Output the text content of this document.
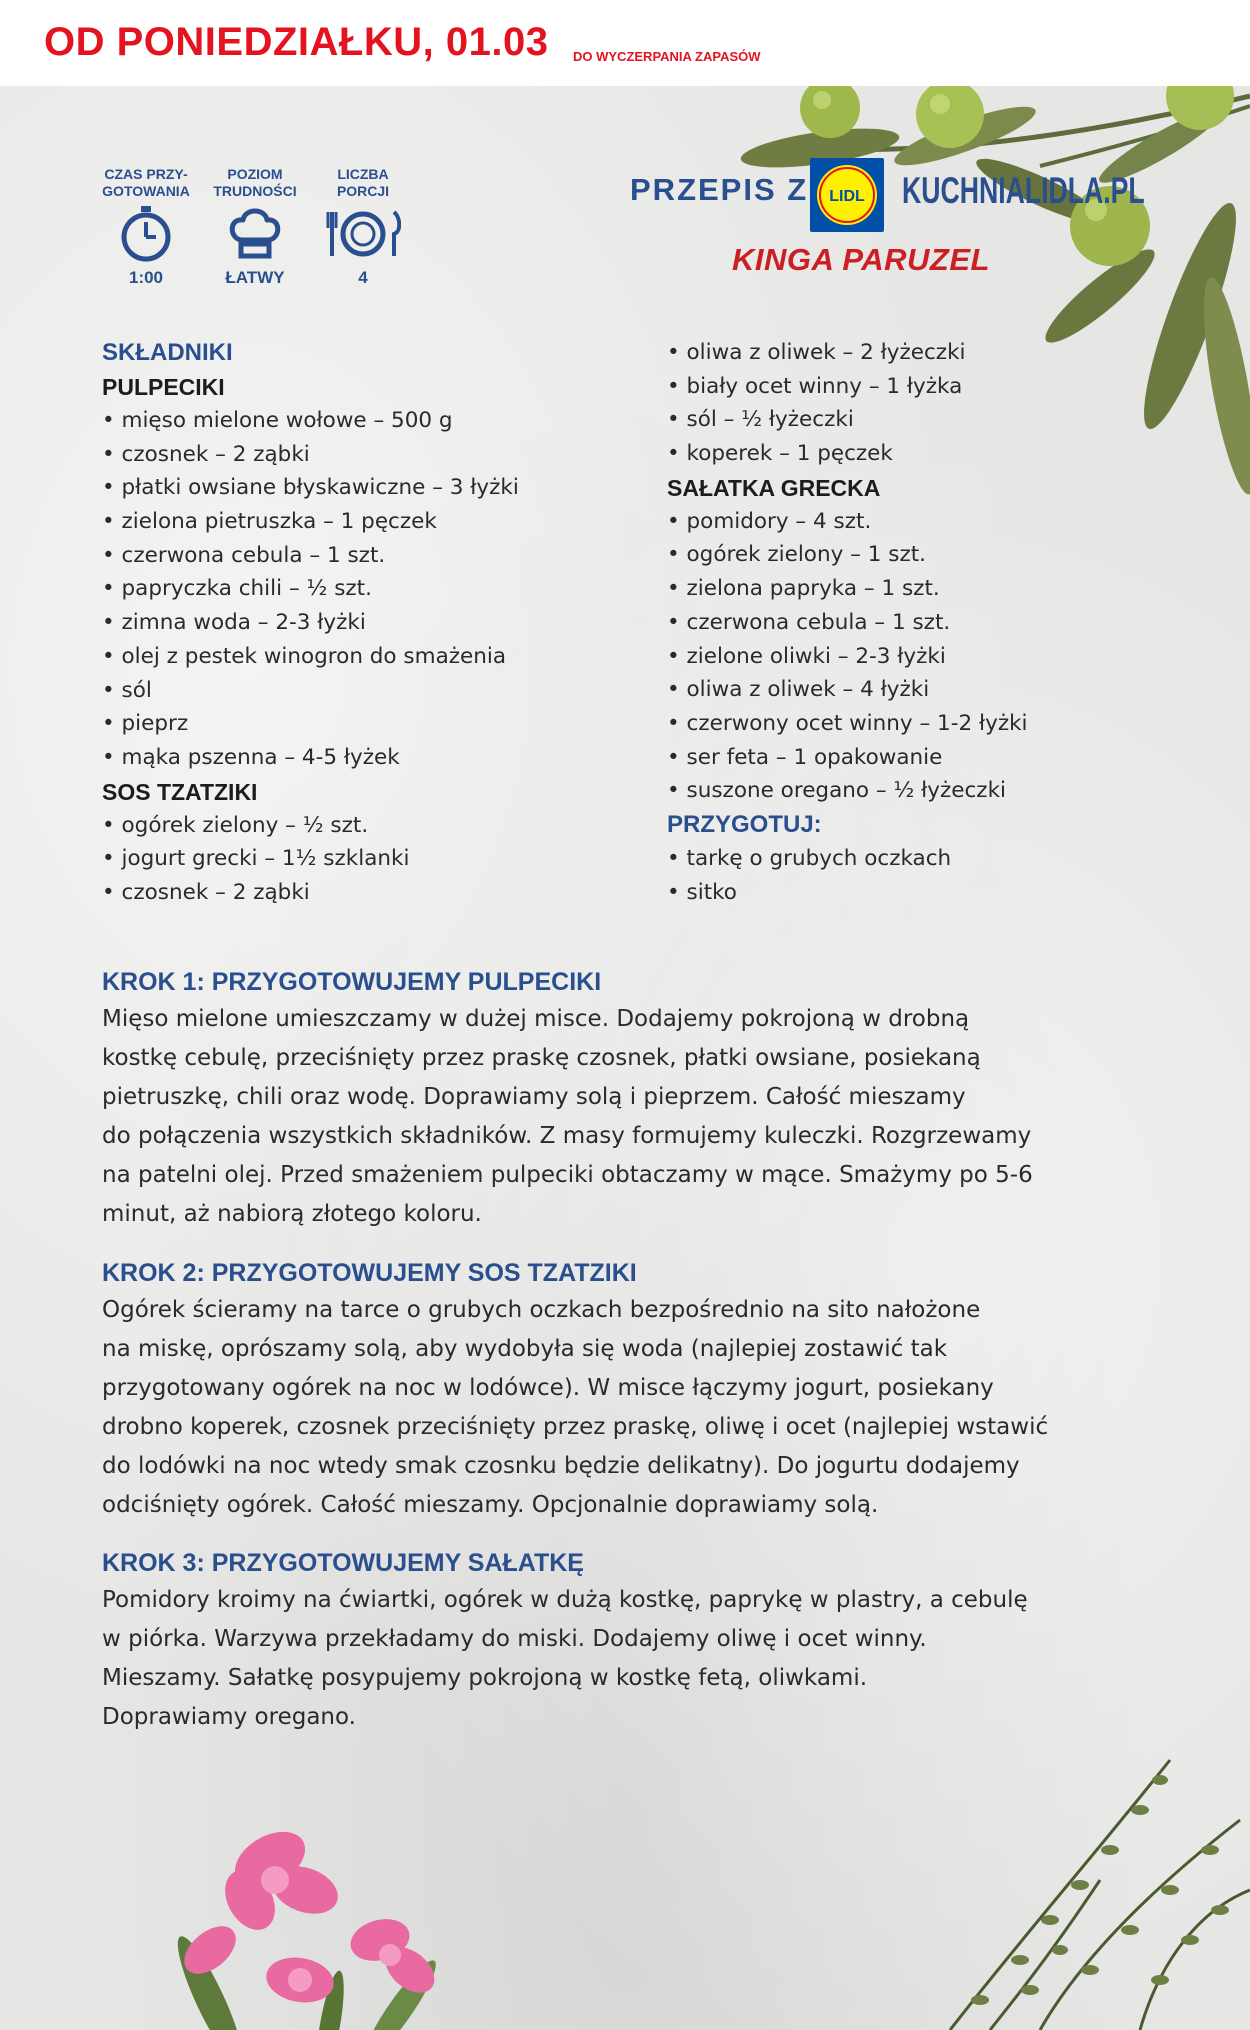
OD PONIEDZIAŁKU, 01.03 DO WYCZERPANIA ZAPASÓW
CZAS PRZY-
GOTOWANIA
1:00
POZIOM
TRUDNOŚCI
ŁATWY
LICZBA
PORCJI
4
PRZEPIS Z LIDL KUCHNIALIDLA.PL
KINGA PARUZEL
SKŁADNIKI
PULPECIKI
• mięso mielone wołowe – 500 g
• czosnek – 2 ząbki
• płatki owsiane błyskawiczne – 3 łyżki
• zielona pietruszka – 1 pęczek
• czerwona cebula – 1 szt.
• papryczka chili – ½ szt.
• zimna woda – 2-3 łyżki
• olej z pestek winogron do smażenia
• sól
• pieprz
• mąka pszenna – 4-5 łyżek
SOS TZATZIKI
• ogórek zielony – ½ szt.
• jogurt grecki – 1½ szklanki
• czosnek – 2 ząbki
• oliwa z oliwek – 2 łyżeczki
• biały ocet winny – 1 łyżka
• sól – ½ łyżeczki
• koperek – 1 pęczek
SAŁATKA GRECKA
• pomidory – 4 szt.
• ogórek zielony – 1 szt.
• zielona papryka – 1 szt.
• czerwona cebula – 1 szt.
• zielone oliwki – 2-3 łyżki
• oliwa z oliwek – 4 łyżki
• czerwony ocet winny – 1-2 łyżki
• ser feta – 1 opakowanie
• suszone oregano – ½ łyżeczki
PRZYGOTUJ:
• tarkę o grubych oczkach
• sitko
KROK 1: PRZYGOTOWUJEMY PULPECIKI
Mięso mielone umieszczamy w dużej misce. Dodajemy pokrojoną w drobną
kostkę cebulę, przeciśnięty przez praskę czosnek, płatki owsiane, posiekaną
pietruszkę, chili oraz wodę. Doprawiamy solą i pieprzem. Całość mieszamy
do połączenia wszystkich składników. Z masy formujemy kuleczki. Rozgrzewamy
na patelni olej. Przed smażeniem pulpeciki obtaczamy w mące. Smażymy po 5-6
minut, aż nabiorą złotego koloru.
KROK 2: PRZYGOTOWUJEMY SOS TZATZIKI
Ogórek ścieramy na tarce o grubych oczkach bezpośrednio na sito nałożone
na miskę, oprószamy solą, aby wydobyła się woda (najlepiej zostawić tak
przygotowany ogórek na noc w lodówce). W misce łączymy jogurt, posiekany
drobno koperek, czosnek przeciśnięty przez praskę, oliwę i ocet (najlepiej wstawić
do lodówki na noc wtedy smak czosnku będzie delikatny). Do jogurtu dodajemy
odciśnięty ogórek. Całość mieszamy. Opcjonalnie doprawiamy solą.
KROK 3: PRZYGOTOWUJEMY SAŁATKĘ
Pomidory kroimy na ćwiartki, ogórek w dużą kostkę, paprykę w plastry, a cebulę
w piórka. Warzywa przekładamy do miski. Dodajemy oliwę i ocet winny.
Mieszamy. Sałatkę posypujemy pokrojoną w kostkę fetą, oliwkami.
Doprawiamy oregano.
